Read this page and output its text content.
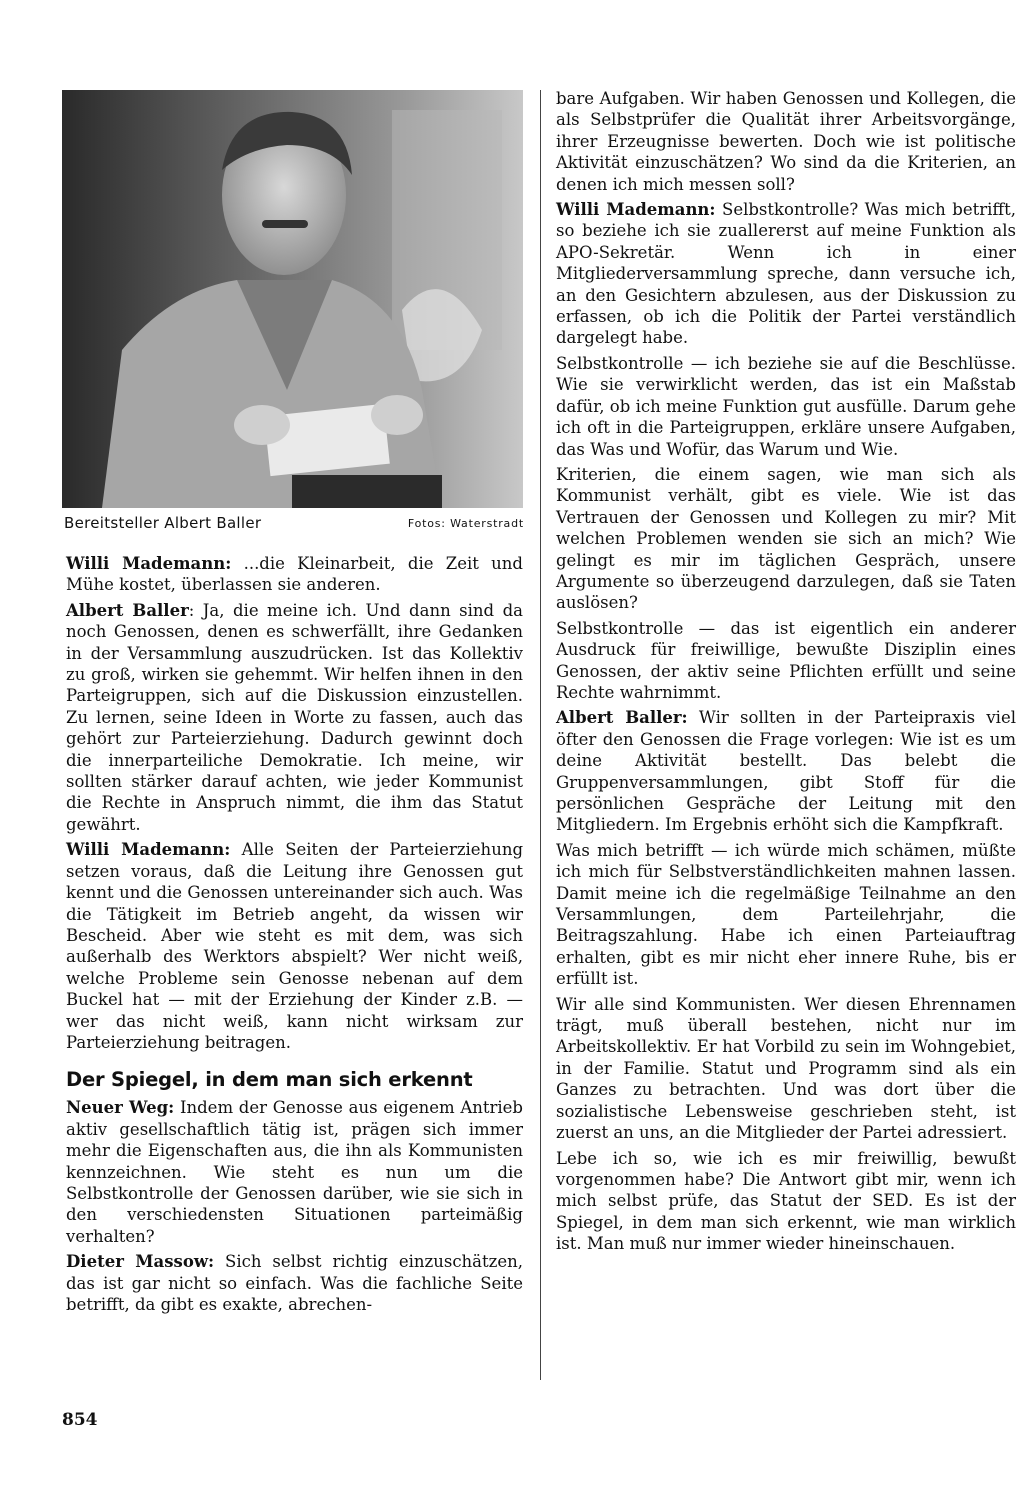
Bereitsteller Albert Baller	Fotos: Waterstradt

Willi Mademann: ...die Kleinarbeit, die Zeit und Mühe kostet, überlassen sie anderen.

Albert Baller: Ja, die meine ich. Und dann sind da noch Genossen, denen es schwerfällt, ihre Gedanken in der Versammlung auszudrücken. Ist das Kollektiv zu groß, wirken sie gehemmt. Wir helfen ihnen in den Parteigruppen, sich auf die Diskussion einzustellen. Zu lernen, seine Ideen in Worte zu fassen, auch das gehört zur Parteierziehung. Dadurch gewinnt doch die innerparteiliche Demokratie. Ich meine, wir sollten stärker darauf achten, wie jeder Kommunist die Rechte in Anspruch nimmt, die ihm das Statut gewährt.

Willi Mademann: Alle Seiten der Parteierziehung setzen voraus, daß die Leitung ihre Genossen gut kennt und die Genossen untereinander sich auch. Was die Tätigkeit im Betrieb angeht, da wissen wir Bescheid. Aber wie steht es mit dem, was sich außerhalb des Werktors abspielt? Wer nicht weiß, welche Probleme sein Genosse nebenan auf dem Buckel hat — mit der Erziehung der Kinder z.B. — wer das nicht weiß, kann nicht wirksam zur Parteierziehung beitragen.

Der Spiegel, in dem man sich erkennt

Neuer Weg: Indem der Genosse aus eigenem Antrieb aktiv gesellschaftlich tätig ist, prägen sich immer mehr die Eigenschaften aus, die ihn als Kommunisten kennzeichnen. Wie steht es nun um die Selbstkontrolle der Genossen darüber, wie sie sich in den verschiedensten Situationen parteimäßig verhalten?

Dieter Massow: Sich selbst richtig einzuschätzen, das ist gar nicht so einfach. Was die fachliche Seite betrifft, da gibt es exakte, abrechen-

bare Aufgaben. Wir haben Genossen und Kollegen, die als Selbstprüfer die Qualität ihrer Arbeitsvorgänge, ihrer Erzeugnisse bewerten. Doch wie ist politische Aktivität einzuschätzen? Wo sind da die Kriterien, an denen ich mich messen soll?

Willi Mademann: Selbstkontrolle? Was mich betrifft, so beziehe ich sie zuallererst auf meine Funktion als APO-Sekretär. Wenn ich in einer Mitgliederversammlung spreche, dann versuche ich, an den Gesichtern abzulesen, aus der Diskussion zu erfassen, ob ich die Politik der Partei verständlich dargelegt habe.

Selbstkontrolle — ich beziehe sie auf die Beschlüsse. Wie sie verwirklicht werden, das ist ein Maßstab dafür, ob ich meine Funktion gut ausfülle. Darum gehe ich oft in die Parteigruppen, erkläre unsere Aufgaben, das Was und Wofür, das Warum und Wie.

Kriterien, die einem sagen, wie man sich als Kommunist verhält, gibt es viele. Wie ist das Vertrauen der Genossen und Kollegen zu mir? Mit welchen Problemen wenden sie sich an mich? Wie gelingt es mir im täglichen Gespräch, unsere Argumente so überzeugend darzulegen, daß sie Taten auslösen?

Selbstkontrolle — das ist eigentlich ein anderer Ausdruck für freiwillige, bewußte Disziplin eines Genossen, der aktiv seine Pflichten erfüllt und seine Rechte wahrnimmt.

Albert Baller: Wir sollten in der Parteipraxis viel öfter den Genossen die Frage vorlegen: Wie ist es um deine Aktivität bestellt. Das belebt die Gruppenversammlungen, gibt Stoff für die persönlichen Gespräche der Leitung mit den Mitgliedern. Im Ergebnis erhöht sich die Kampfkraft.

Was mich betrifft — ich würde mich schämen, müßte ich mich für Selbstverständlichkeiten mahnen lassen. Damit meine ich die regelmäßige Teilnahme an den Versammlungen, dem Parteilehrjahr, die Beitragszahlung. Habe ich einen Parteiauftrag erhalten, gibt es mir nicht eher innere Ruhe, bis er erfüllt ist.

Wir alle sind Kommunisten. Wer diesen Ehrennamen trägt, muß überall bestehen, nicht nur im Arbeitskollektiv. Er hat Vorbild zu sein im Wohngebiet, in der Familie. Statut und Programm sind als ein Ganzes zu betrachten. Und was dort über die sozialistische Lebensweise geschrieben steht, ist zuerst an uns, an die Mitglieder der Partei adressiert.

Lebe ich so, wie ich es mir freiwillig, bewußt vorgenommen habe? Die Antwort gibt mir, wenn ich mich selbst prüfe, das Statut der SED. Es ist der Spiegel, in dem man sich erkennt, wie man wirklich ist. Man muß nur immer wieder hineinschauen.

854
